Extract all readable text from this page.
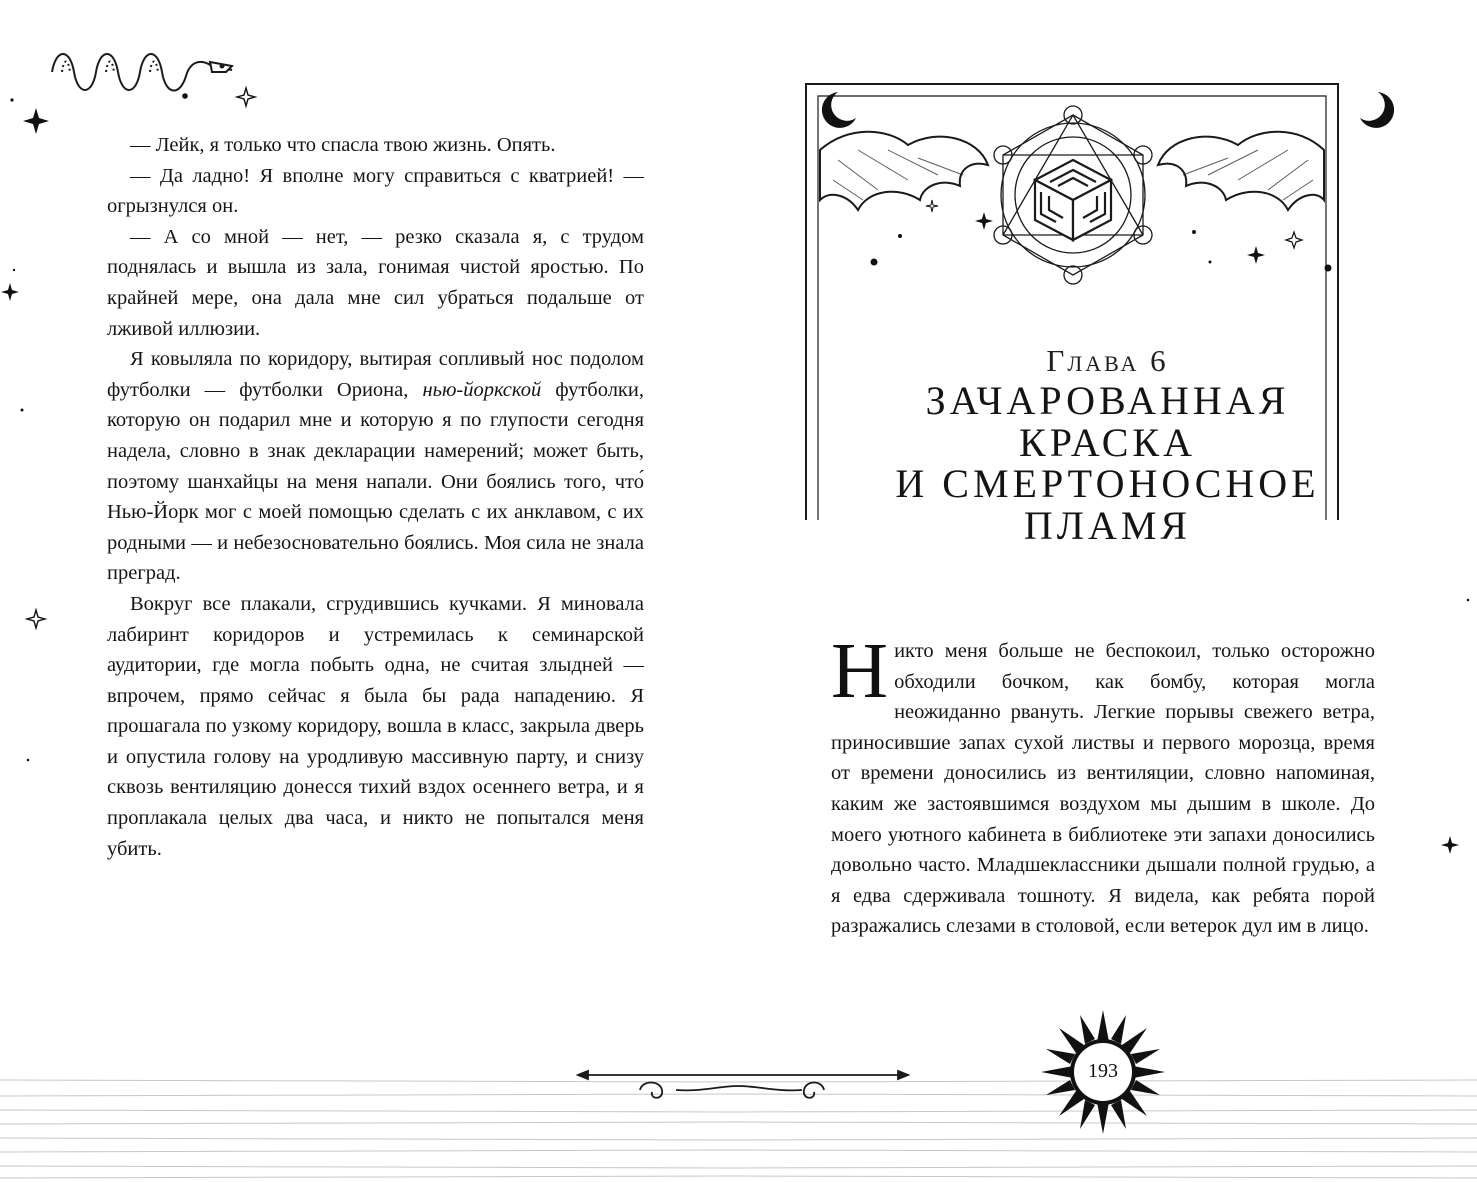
— Лейк, я только что спасла твою жизнь. Опять.

— Да ладно! Я вполне могу справиться с кватрией! — огрызнулся он.

— А со мной — нет, — резко сказала я, с трудом поднялась и вышла из зала, гонимая чистой яростью. По крайней мере, она дала мне сил убраться подальше от лживой иллюзии.

Я ковыляла по коридору, вытирая сопливый нос подолом футболки — футболки Ориона, нью-йоркской футболки, которую он подарил мне и которую я по глупости сегодня надела, словно в знак декларации намерений; может быть, поэтому шанхайцы на меня напали. Они боялись того, что́ Нью-Йорк мог с моей помощью сделать с их анклавом, с их родными — и небезосновательно боялись. Моя сила не знала преград.

Вокруг все плакали, сгрудившись кучками. Я миновала лабиринт коридоров и устремилась к семинарской аудитории, где могла побыть одна, не считая злыдней — впрочем, прямо сейчас я была бы рада нападению. Я прошагала по узкому коридору, вошла в класс, закрыла дверь и опустила голову на уродливую массивную парту, и снизу сквозь вентиляцию донесся тихий вздох осеннего ветра, и я проплакала целых два часа, и никто не попытался меня убить.

Глава 6
ЗАЧАРОВАННАЯ
КРАСКА
И СМЕРТОНОСНОЕ
ПЛАМЯ

Никто меня больше не беспокоил, только осторожно обходили бочком, как бомбу, которая могла неожиданно рвануть. Легкие порывы свежего ветра, приносившие запах сухой листвы и первого морозца, время от времени доносились из вентиляции, словно напоминая, каким же застоявшимся воздухом мы дышим в школе. До моего уютного кабинета в библиотеке эти запахи доносились довольно часто. Младшеклассники дышали полной грудью, а я едва сдерживала тошноту. Я видела, как ребята порой разражались слезами в столовой, если ветерок дул им в лицо.

193
